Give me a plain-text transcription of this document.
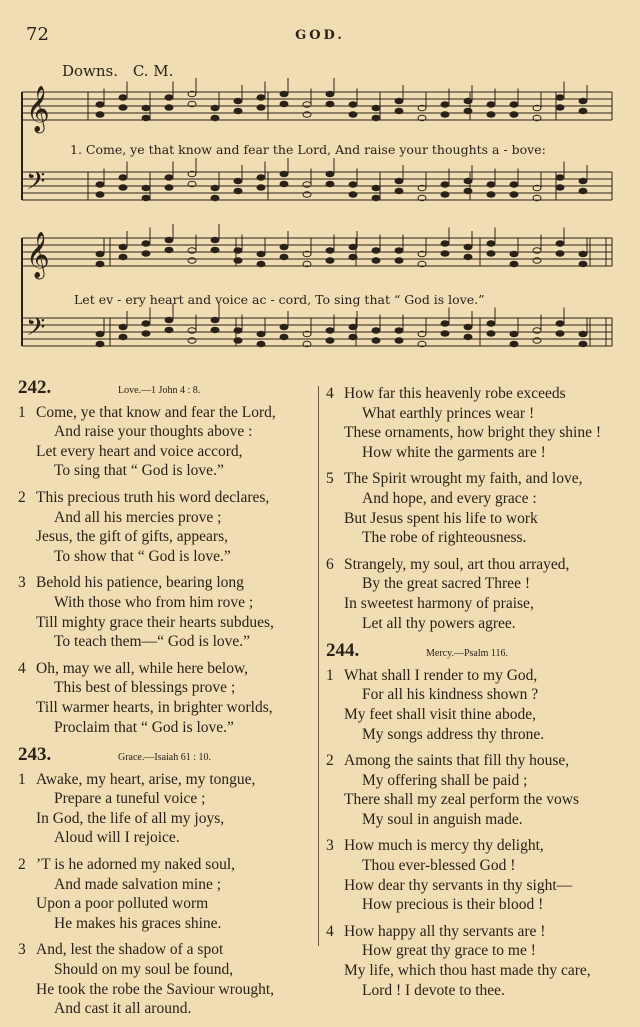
72	GOD.
Downs. C. M.
𝄞
𝄢
𝄞
𝄢
1. Come, ye that know and fear the Lord, And raise your thoughts a - bove:
Let ev - ery heart and voice ac - cord, To sing that “ God is love.”
242.	Love.—1 John 4 : 8.
1 Come, ye that know and fear the Lord,
And raise your thoughts above :
Let every heart and voice accord,
To sing that “ God is love.”
2 This precious truth his word declares,
And all his mercies prove ;
Jesus, the gift of gifts, appears,
To show that “ God is love.”
3 Behold his patience, bearing long
With those who from him rove ;
Till mighty grace their hearts subdues,
To teach them—“ God is love.”
4 Oh, may we all, while here below,
This best of blessings prove ;
Till warmer hearts, in brighter worlds,
Proclaim that “ God is love.”
243.	Grace.—Isaiah 61 : 10.
1 Awake, my heart, arise, my tongue,
Prepare a tuneful voice ;
In God, the life of all my joys,
Aloud will I rejoice.
2 ’T is he adorned my naked soul,
And made salvation mine ;
Upon a poor polluted worm
He makes his graces shine.
3 And, lest the shadow of a spot
Should on my soul be found,
He took the robe the Saviour wrought,
And cast it all around.
4 How far this heavenly robe exceeds
What earthly princes wear !
These ornaments, how bright they shine !
How white the garments are !
5 The Spirit wrought my faith, and love,
And hope, and every grace :
But Jesus spent his life to work
The robe of righteousness.
6 Strangely, my soul, art thou arrayed,
By the great sacred Three !
In sweetest harmony of praise,
Let all thy powers agree.
244.	Mercy.—Psalm 116.
1 What shall I render to my God,
For all his kindness shown ?
My feet shall visit thine abode,
My songs address thy throne.
2 Among the saints that fill thy house,
My offering shall be paid ;
There shall my zeal perform the vows
My soul in anguish made.
3 How much is mercy thy delight,
Thou ever-blessed God !
How dear thy servants in thy sight—
How precious is their blood !
4 How happy all thy servants are !
How great thy grace to me !
My life, which thou hast made thy care,
Lord ! I devote to thee.
